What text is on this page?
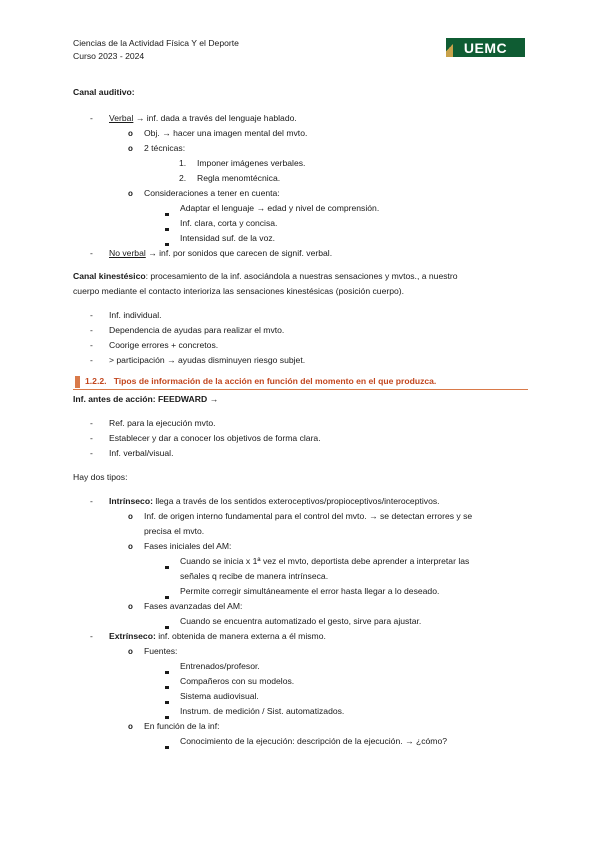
Ciencias de la Actividad Física Y el Deporte
Curso 2023 - 2024	UEMC
Canal auditivo:
- Verbal → inf. dada a través del lenguaje hablado.
o Obj. → hacer una imagen mental del mvto.
o 2 técnicas:
1. Imponer imágenes verbales.
2. Regla menomtécnica.
o Consideraciones a tener en cuenta:
Adaptar el lenguaje → edad y nivel de comprensión.
Inf. clara, corta y concisa.
Intensidad suf. de la voz.
- No verbal → inf. por sonidos que carecen de signif. verbal.
Canal kinestésico: procesamiento de la inf. asociándola a nuestras sensaciones y mvtos., a nuestro
cuerpo mediante el contacto interioriza las sensaciones kinestésicas (posición cuerpo).
- Inf. individual.
- Dependencia de ayudas para realizar el mvto.
- Coorige errores + concretos.
- > participación → ayudas disminuyen riesgo subjet.
1.2.2. Tipos de información de la acción en función del momento en el que produzca.
Inf. antes de acción: FEEDWARD →
- Ref. para la ejecución mvto.
- Establecer y dar a conocer los objetivos de forma clara.
- Inf. verbal/visual.
Hay dos tipos:
- Intrínseco: llega a través de los sentidos exteroceptivos/propioceptivos/interoceptivos.
o Inf. de origen interno fundamental para el control del mvto. → se detectan errores y se
precisa el mvto.
o Fases iniciales del AM:
Cuando se inicia x 1ª vez el mvto, deportista debe aprender a interpretar las
señales q recibe de manera intrínseca.
Permite corregir simultáneamente el error hasta llegar a lo deseado.
o Fases avanzadas del AM:
Cuando se encuentra automatizado el gesto, sirve para ajustar.
- Extrínseco: inf. obtenida de manera externa a él mismo.
o Fuentes:
Entrenados/profesor.
Compañeros con su modelos.
Sistema audiovisual.
Instrum. de medición / Sist. automatizados.
o En función de la inf:
Conocimiento de la ejecución: descripción de la ejecución. → ¿cómo?
